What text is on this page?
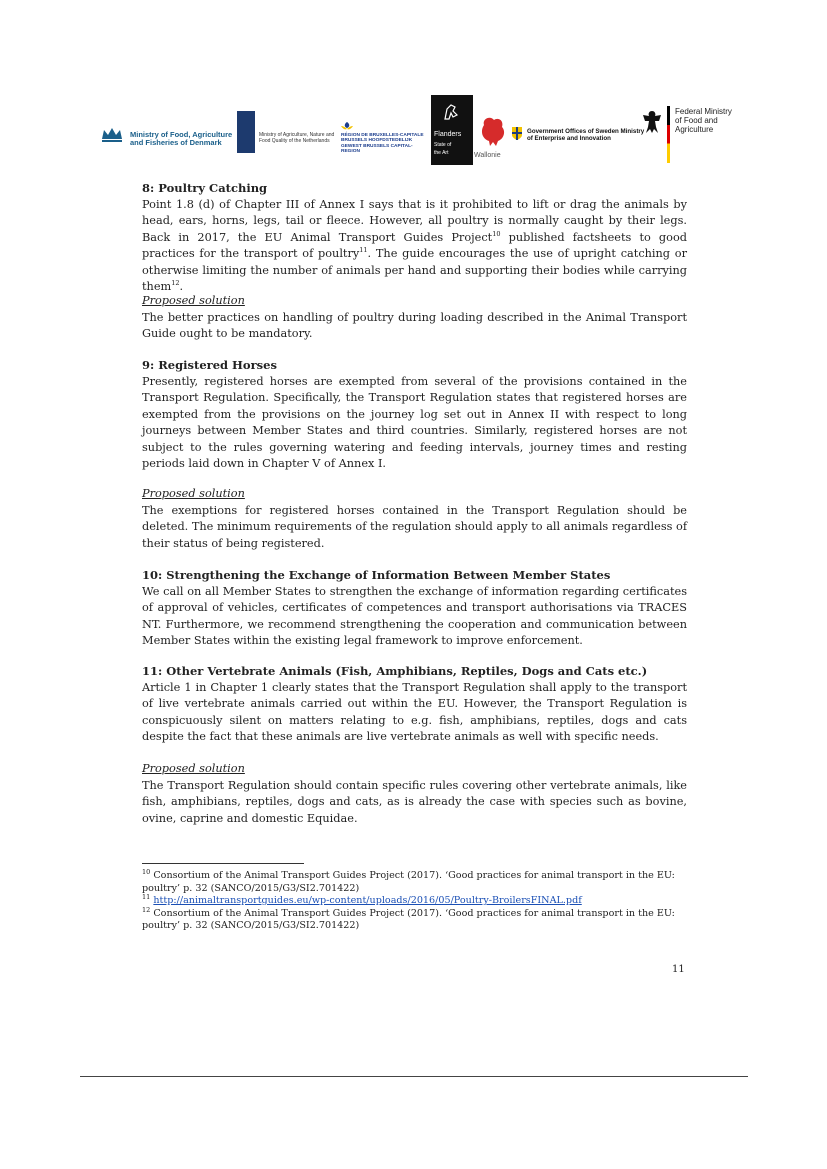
Ministry of Food, Agriculture and Fisheries of Denmark
Ministry of Agriculture, Nature and Food Quality of the Netherlands
RÉGION DE BRUXELLES-CAPITALE BRUSSELS HOOFDSTEDELIJK GEWEST BRUSSELS CAPITAL-REGION
Flanders
State of
the Art	Wallonie
Government Offices of Sweden Ministry of Enterprise and Innovation
Federal Ministry of Food and Agriculture

8: Poultry Catching

Point 1.8 (d) of Chapter III of Annex I says that is it prohibited to lift or drag the animals by head, ears, horns, legs, tail or fleece. However, all poultry is normally caught by their legs. Back in 2017, the EU Animal Transport Guides Project$^{10}$ published factsheets to good practices for the transport of poultry$^{11}$. The guide encourages the use of upright catching or otherwise limiting the number of animals per hand and supporting their bodies while carrying them$^{12}$.

Proposed solution

The better practices on handling of poultry during loading described in the Animal Transport Guide ought to be mandatory.

9: Registered Horses

Presently, registered horses are exempted from several of the provisions contained in the Transport Regulation. Specifically, the Transport Regulation states that registered horses are exempted from the provisions on the journey log set out in Annex II with respect to long journeys between Member States and third countries. Similarly, registered horses are not subject to the rules governing watering and feeding intervals, journey times and resting periods laid down in Chapter V of Annex I.

Proposed solution

The exemptions for registered horses contained in the Transport Regulation should be deleted. The minimum requirements of the regulation should apply to all animals regardless of their status of being registered.

10: Strengthening the Exchange of Information Between Member States

We call on all Member States to strengthen the exchange of information regarding certificates of approval of vehicles, certificates of competences and transport authorisations via TRACES NT. Furthermore, we recommend strengthening the cooperation and communication between Member States within the existing legal framework to improve enforcement.

11: Other Vertebrate Animals (Fish, Amphibians, Reptiles, Dogs and Cats etc.)

Article 1 in Chapter 1 clearly states that the Transport Regulation shall apply to the transport of live vertebrate animals carried out within the EU. However, the Transport Regulation is conspicuously silent on matters relating to e.g. fish, amphibians, reptiles, dogs and cats despite the fact that these animals are live vertebrate animals as well with specific needs.

Proposed solution

The Transport Regulation should contain specific rules covering other vertebrate animals, like fish, amphibians, reptiles, dogs and cats, as is already the case with species such as bovine, ovine, caprine and domestic Equidae.

$^{10}$ Consortium of the Animal Transport Guides Project (2017). ‘Good practices for animal transport in the EU: poultry’ p. 32 (SANCO/2015/G3/SI2.701422)

$^{11}$ http://animaltransportguides.eu/wp-content/uploads/2016/05/Poultry-BroilersFINAL.pdf

$^{12}$ Consortium of the Animal Transport Guides Project (2017). ‘Good practices for animal transport in the EU: poultry’ p. 32 (SANCO/2015/G3/SI2.701422)

11
